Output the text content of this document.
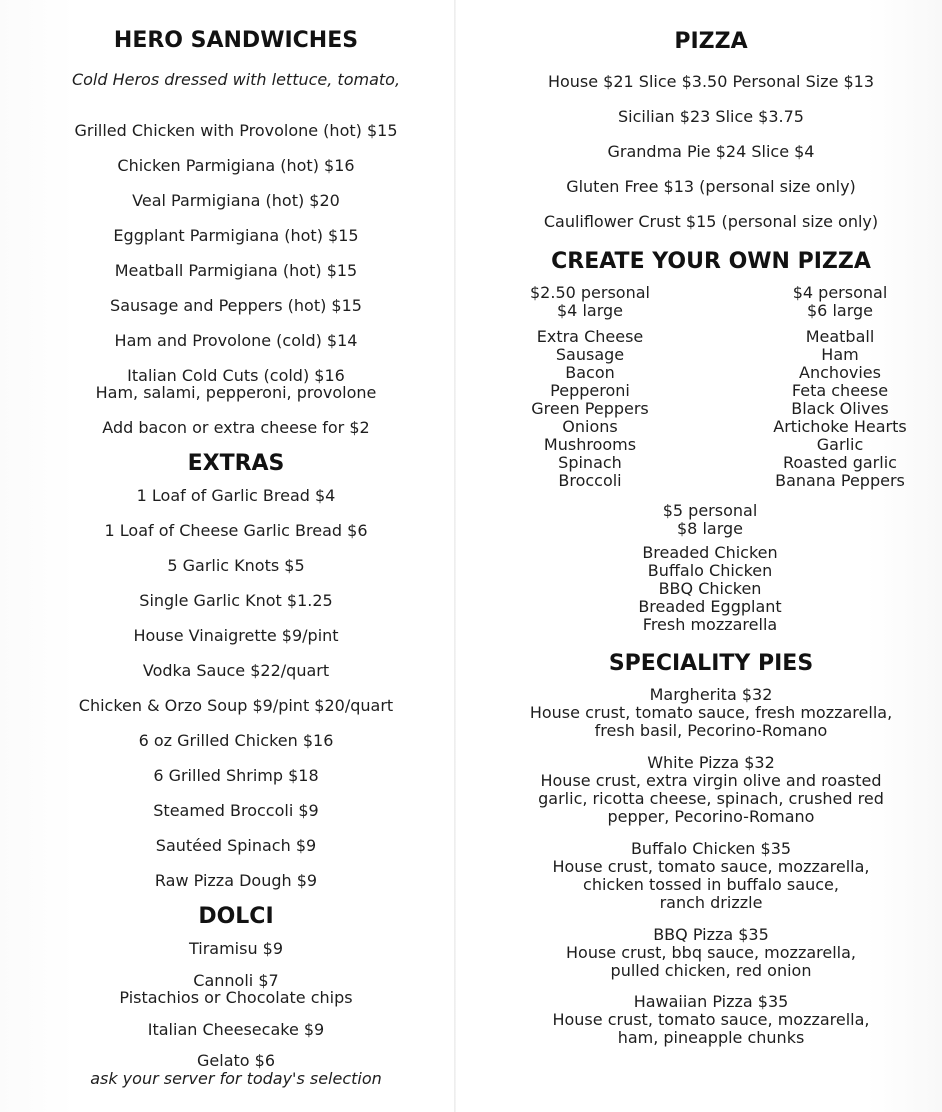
HERO SANDWICHES
Cold Heros dressed with lettuce, tomato,
Grilled Chicken with Provolone (hot) $15
Chicken Parmigiana (hot) $16
Veal Parmigiana (hot) $20
Eggplant Parmigiana (hot) $15
Meatball Parmigiana (hot) $15
Sausage and Peppers (hot) $15
Ham and Provolone (cold) $14
Italian Cold Cuts (cold) $16
Ham, salami, pepperoni, provolone
Add bacon or extra cheese for $2
EXTRAS
1 Loaf of Garlic Bread $4
1 Loaf of Cheese Garlic Bread $6
5 Garlic Knots $5
Single Garlic Knot $1.25
House Vinaigrette $9/pint
Vodka Sauce $22/quart
Chicken & Orzo Soup $9/pint $20/quart
6 oz Grilled Chicken $16
6 Grilled Shrimp $18
Steamed Broccoli $9
Sautéed Spinach $9
Raw Pizza Dough $9
DOLCI
Tiramisu $9
Cannoli $7
Pistachios or Chocolate chips
Italian Cheesecake $9
Gelato $6
ask your server for today's selection
PIZZA
House $21 Slice $3.50 Personal Size $13
Sicilian $23 Slice $3.75
Grandma Pie $24 Slice $4
Gluten Free $13 (personal size only)
Cauliflower Crust $15 (personal size only)
CREATE YOUR OWN PIZZA
$2.50 personal
$4 large
Extra Cheese
Sausage
Bacon
Pepperoni
Green Peppers
Onions
Mushrooms
Spinach
Broccoli
$4 personal
$6 large
Meatball
Ham
Anchovies
Feta cheese
Black Olives
Artichoke Hearts
Garlic
Roasted garlic
Banana Peppers
$5 personal
$8 large
Breaded Chicken
Buffalo Chicken
BBQ Chicken
Breaded Eggplant
Fresh mozzarella
SPECIALITY PIES
Margherita $32
House crust, tomato sauce, fresh mozzarella,
fresh basil, Pecorino-Romano
White Pizza $32
House crust, extra virgin olive and roasted
garlic, ricotta cheese, spinach, crushed red
pepper, Pecorino-Romano
Buffalo Chicken $35
House crust, tomato sauce, mozzarella,
chicken tossed in buffalo sauce,
ranch drizzle
BBQ Pizza $35
House crust, bbq sauce, mozzarella,
pulled chicken, red onion
Hawaiian Pizza $35
House crust, tomato sauce, mozzarella,
ham, pineapple chunks
